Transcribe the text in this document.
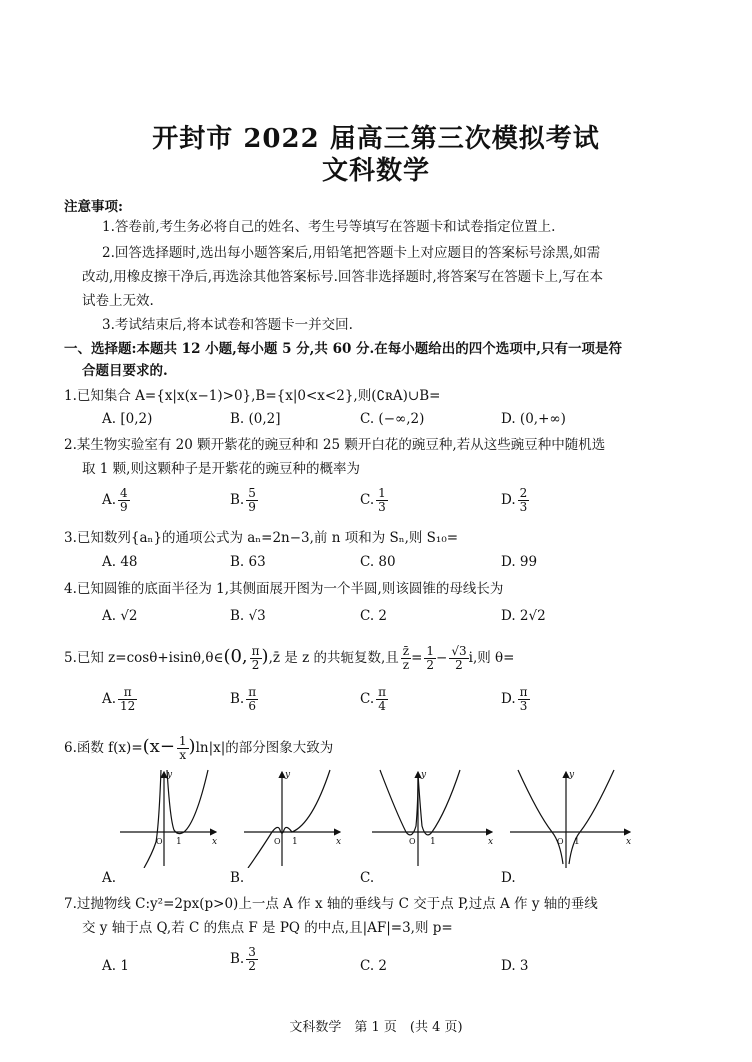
开封市 2022 届高三第三次模拟考试
文科数学
注意事项:
1.答卷前,考生务必将自己的姓名、考生号等填写在答题卡和试卷指定位置上.
2.回答选择题时,选出每小题答案后,用铅笔把答题卡上对应题目的答案标号涂黑,如需
改动,用橡皮擦干净后,再选涂其他答案标号.回答非选择题时,将答案写在答题卡上,写在本
试卷上无效.
3.考试结束后,将本试卷和答题卡一并交回.
一、选择题:本题共 12 小题,每小题 5 分,共 60 分.在每小题给出的四个选项中,只有一项是符
合题目要求的.
1.已知集合 A={x|x(x−1)>0},B={x|0<x<2},则(∁ʀA)∪B=
A. [0,2)	B. (0,2]	C. (−∞,2)	D. (0,+∞)
2.某生物实验室有 20 颗开紫花的豌豆种和 25 颗开白花的豌豆种,若从这些豌豆种中随机选
取 1 颗,则这颗种子是开紫花的豌豆种的概率为
A. $\frac{4}{9}$	B. $\frac{5}{9}$	C. $\frac{1}{3}$	D. $\frac{2}{3}$
3.已知数列{aₙ}的通项公式为 aₙ=2n−3,前 n 项和为 Sₙ,则 S₁₀=
A. 48	B. 63	C. 80	D. 99
4.已知圆锥的底面半径为 1,其侧面展开图为一个半圆,则该圆锥的母线长为
A. √2	B. √3	C. 2	D. 2√2
5.已知 z=cosθ+isinθ,θ∈(0, $\frac{\pi}{2}$ ),z̄ 是 z 的共轭复数,且 $\frac{z̄}{z} = \frac{1}{2} - \frac{√3}{2} i$,则 θ=
A. $\frac{\pi}{12}$	B. $\frac{\pi}{6}$	C. $\frac{\pi}{4}$	D. $\frac{\pi}{3}$
6.函数 $f(x)=(x- \frac{1}{x} )\ln|x|$的部分图象大致为
x
y
O 1	x
y
O 1	x
y
O 1	x
y
O 1
A.	B.	C.	D.
7.过抛物线 C:y²=2px(p>0)上一点 A 作 x 轴的垂线与 C 交于点 P,过点 A 作 y 轴的垂线
交 y 轴于点 Q,若 C 的焦点 F 是 PQ 的中点,且|AF|=3,则 p=
A. 1	B. $\frac{3}{2}$	C. 2	D. 3
文科数学　第 1 页　(共 4 页)
